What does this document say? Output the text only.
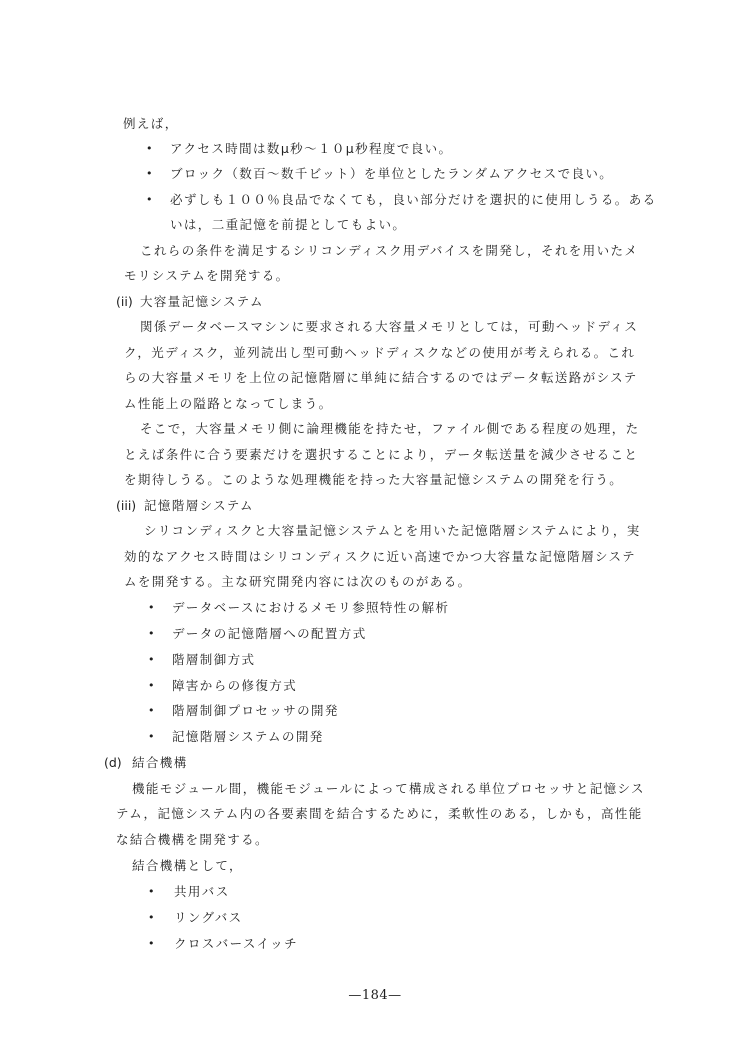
例えば，
• アクセス時間は数μ秒～１０μ秒程度で良い。
• ブロック（数百～数千ビット）を単位としたランダムアクセスで良い。
• 必ずしも１００％良品でなくても，良い部分だけを選択的に使用しうる。ある
いは，二重記憶を前提としてもよい。
これらの条件を満足するシリコンディスク用デバイスを開発し，それを用いたメ
モリシステムを開発する。
(ii) 大容量記憶システム
関係データベースマシンに要求される大容量メモリとしては，可動ヘッドディス
ク，光ディスク，並列読出し型可動ヘッドディスクなどの使用が考えられる。これ
らの大容量メモリを上位の記憶階層に単純に結合するのではデータ転送路がシステ
ム性能上の隘路となってしまう。
そこで，大容量メモリ側に論理機能を持たせ，ファイル側である程度の処理，た
とえば条件に合う要素だけを選択することにより，データ転送量を減少させること
を期待しうる。このような処理機能を持った大容量記憶システムの開発を行う。
(iii) 記憶階層システム
シリコンディスクと大容量記憶システムとを用いた記憶階層システムにより，実
効的なアクセス時間はシリコンディスクに近い高速でかつ大容量な記憶階層システ
ムを開発する。主な研究開発内容には次のものがある。
• データベースにおけるメモリ参照特性の解析
• データの記憶階層への配置方式
• 階層制御方式
• 障害からの修復方式
• 階層制御プロセッサの開発
• 記憶階層システムの開発
(d) 結合機構
機能モジュール間，機能モジュールによって構成される単位プロセッサと記憶シス
テム，記憶システム内の各要素間を結合するために，柔軟性のある，しかも，高性能
な結合機構を開発する。
結合機構として，
• 共用バス
• リングバス
• クロスバースイッチ
—184—
